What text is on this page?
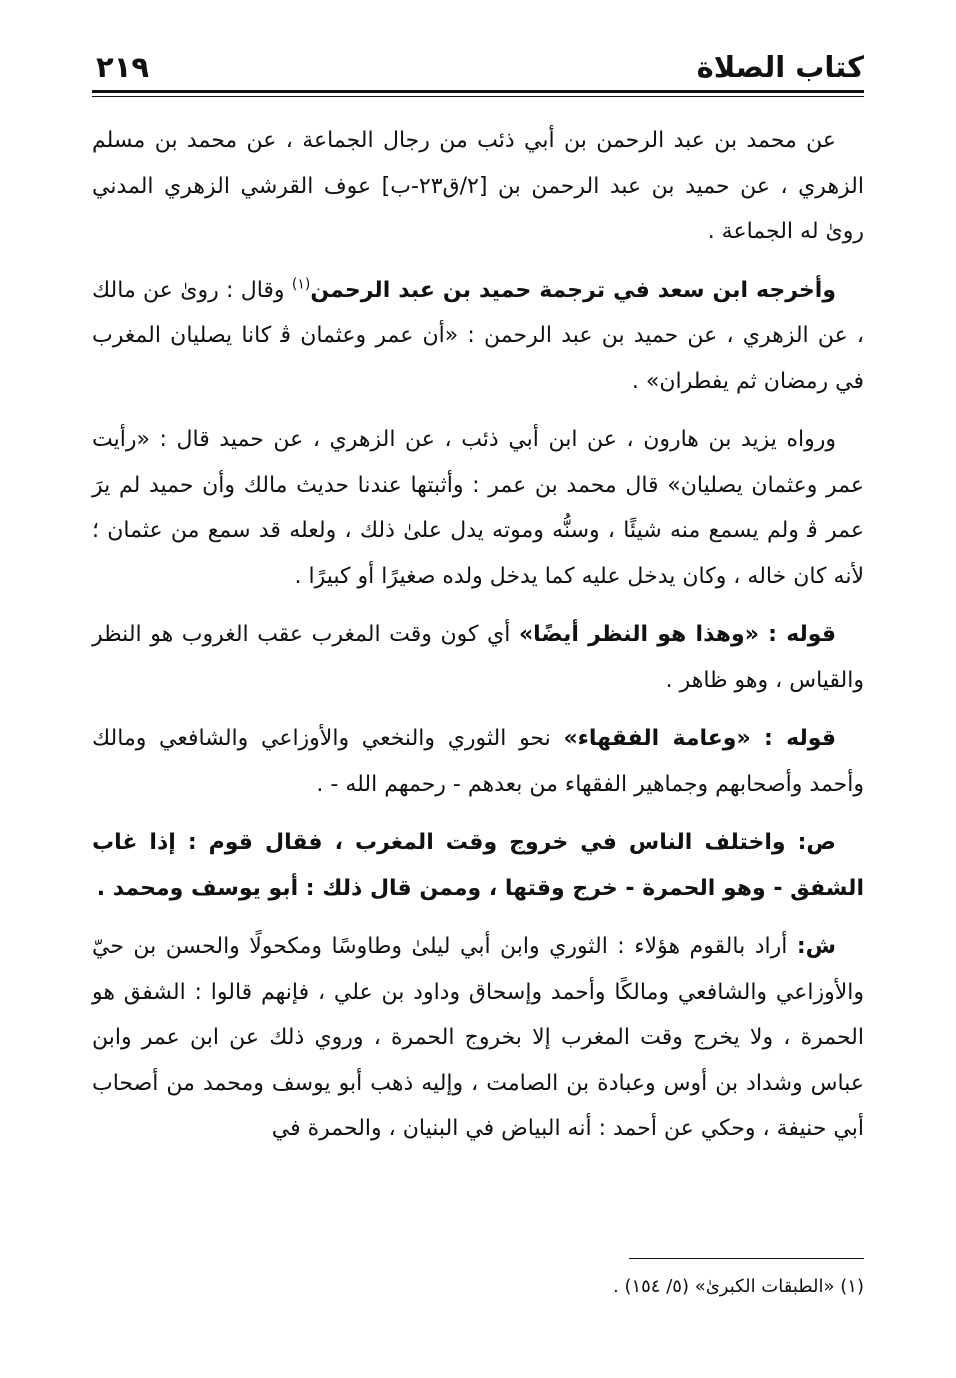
كتاب الصلاة
٢١٩

عن محمد بن عبد الرحمن بن أبي ذئب من رجال الجماعة ، عن محمد بن مسلم الزهري ، عن حميد بن عبد الرحمن بن [٢/ق٢٣-ب] عوف القرشي الزهري المدني روىٰ له الجماعة .

وأخرجه ابن سعد في ترجمة حميد بن عبد الرحمن$^{(١)}$ وقال : روىٰ عن مالك ، عن الزهري ، عن حميد بن عبد الرحمن : «أن عمر وعثمان ﭬ كانا يصليان المغرب في رمضان ثم يفطران» .

ورواه يزيد بن هارون ، عن ابن أبي ذئب ، عن الزهري ، عن حميد قال : «رأيت عمر وعثمان يصليان» قال محمد بن عمر : وأثبتها عندنا حديث مالك وأن حميد لم يرَ عمر ﭬ ولم يسمع منه شيئًا ، وسنُّه وموته يدل علىٰ ذلك ، ولعله قد سمع من عثمان ؛ لأنه كان خاله ، وكان يدخل عليه كما يدخل ولده صغيرًا أو كبيرًا .

قوله : «وهذا هو النظر أيضًا» أي كون وقت المغرب عقب الغروب هو النظر والقياس ، وهو ظاهر .

قوله : «وعامة الفقهاء» نحو الثوري والنخعي والأوزاعي والشافعي ومالك وأحمد وأصحابهم وجماهير الفقهاء من بعدهم - رحمهم الله - .

ص: واختلف الناس في خروج وقت المغرب ، فقال قوم : إذا غاب الشفق - وهو الحمرة - خرج وقتها ، وممن قال ذلك : أبو يوسف ومحمد .

ش: أراد بالقوم هؤلاء : الثوري وابن أبي ليلىٰ وطاوسًا ومكحولًا والحسن بن حيّ والأوزاعي والشافعي ومالكًا وأحمد وإسحاق وداود بن علي ، فإنهم قالوا : الشفق هو الحمرة ، ولا يخرج وقت المغرب إلا بخروج الحمرة ، وروي ذلك عن ابن عمر وابن عباس وشداد بن أوس وعبادة بن الصامت ، وإليه ذهب أبو يوسف ومحمد من أصحاب أبي حنيفة ، وحكي عن أحمد : أنه البياض في البنيان ، والحمرة في

(١) «الطبقات الكبرىٰ» (٥/ ١٥٤) .
